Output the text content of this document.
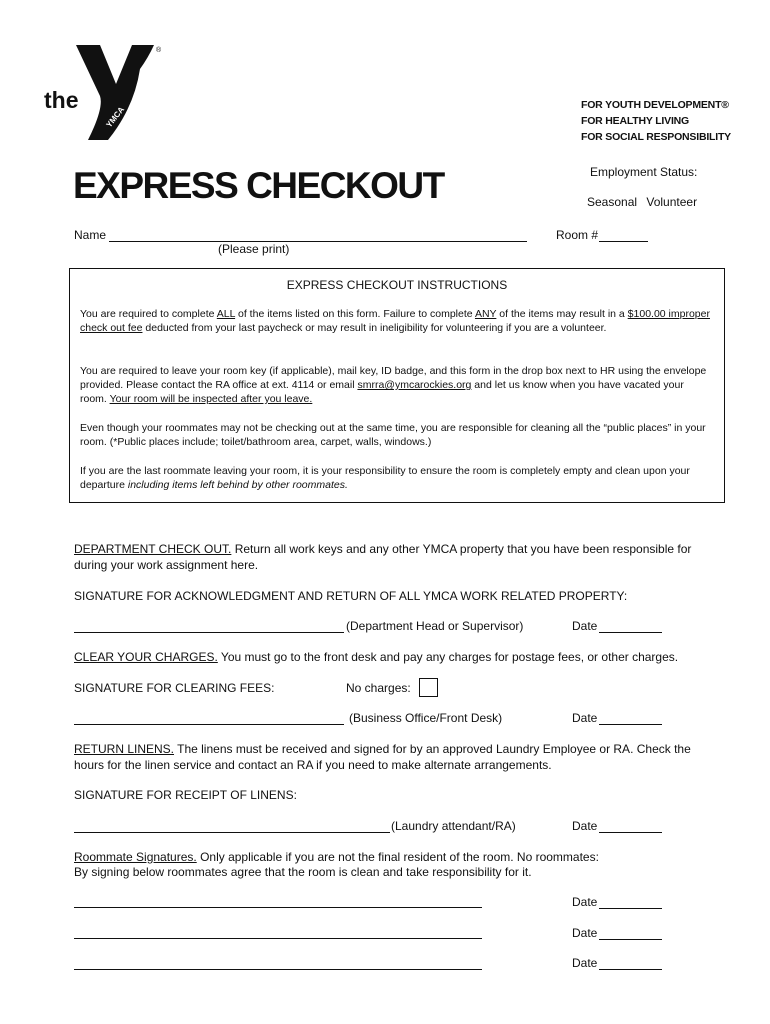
the
YMCA
®
FOR YOUTH DEVELOPMENT®
FOR HEALTHY LIVING
FOR SOCIAL RESPONSIBILITY
EXPRESS CHECKOUT	Employment Status:
Seasonal Volunteer
Name
(Please print)
Room #
EXPRESS CHECKOUT INSTRUCTIONS
You are required to complete ALL of the items listed on this form. Failure to complete ANY of the items may result in a $100.00 improper check out fee deducted from your last paycheck or may result in ineligibility for volunteering if you are a volunteer.
You are required to leave your room key (if applicable), mail key, ID badge, and this form in the drop box next to HR using the envelope provided. Please contact the RA office at ext. 4114 or email smrra@ymcarockies.org and let us know when you have vacated your room. Your room will be inspected after you leave.
Even though your roommates may not be checking out at the same time, you are responsible for cleaning all the “public places” in your room. (*Public places include; toilet/bathroom area, carpet, walls, windows.)
If you are the last roommate leaving your room, it is your responsibility to ensure the room is completely empty and clean upon your departure including items left behind by other roommates.
DEPARTMENT CHECK OUT. Return all work keys and any other YMCA property that you have been responsible for during your work assignment here.
SIGNATURE FOR ACKNOWLEDGMENT AND RETURN OF ALL YMCA WORK RELATED PROPERTY:
(Department Head or Supervisor)	Date
CLEAR YOUR CHARGES. You must go to the front desk and pay any charges for postage fees, or other charges.
SIGNATURE FOR CLEARING FEES:	No charges:
(Business Office/Front Desk)	Date
RETURN LINENS. The linens must be received and signed for by an approved Laundry Employee or RA. Check the hours for the linen service and contact an RA if you need to make alternate arrangements.
SIGNATURE FOR RECEIPT OF LINENS:
(Laundry attendant/RA)	Date
Roommate Signatures. Only applicable if you are not the final resident of the room. No roommates:
By signing below roommates agree that the room is clean and take responsibility for it.
Date
Date
Date
